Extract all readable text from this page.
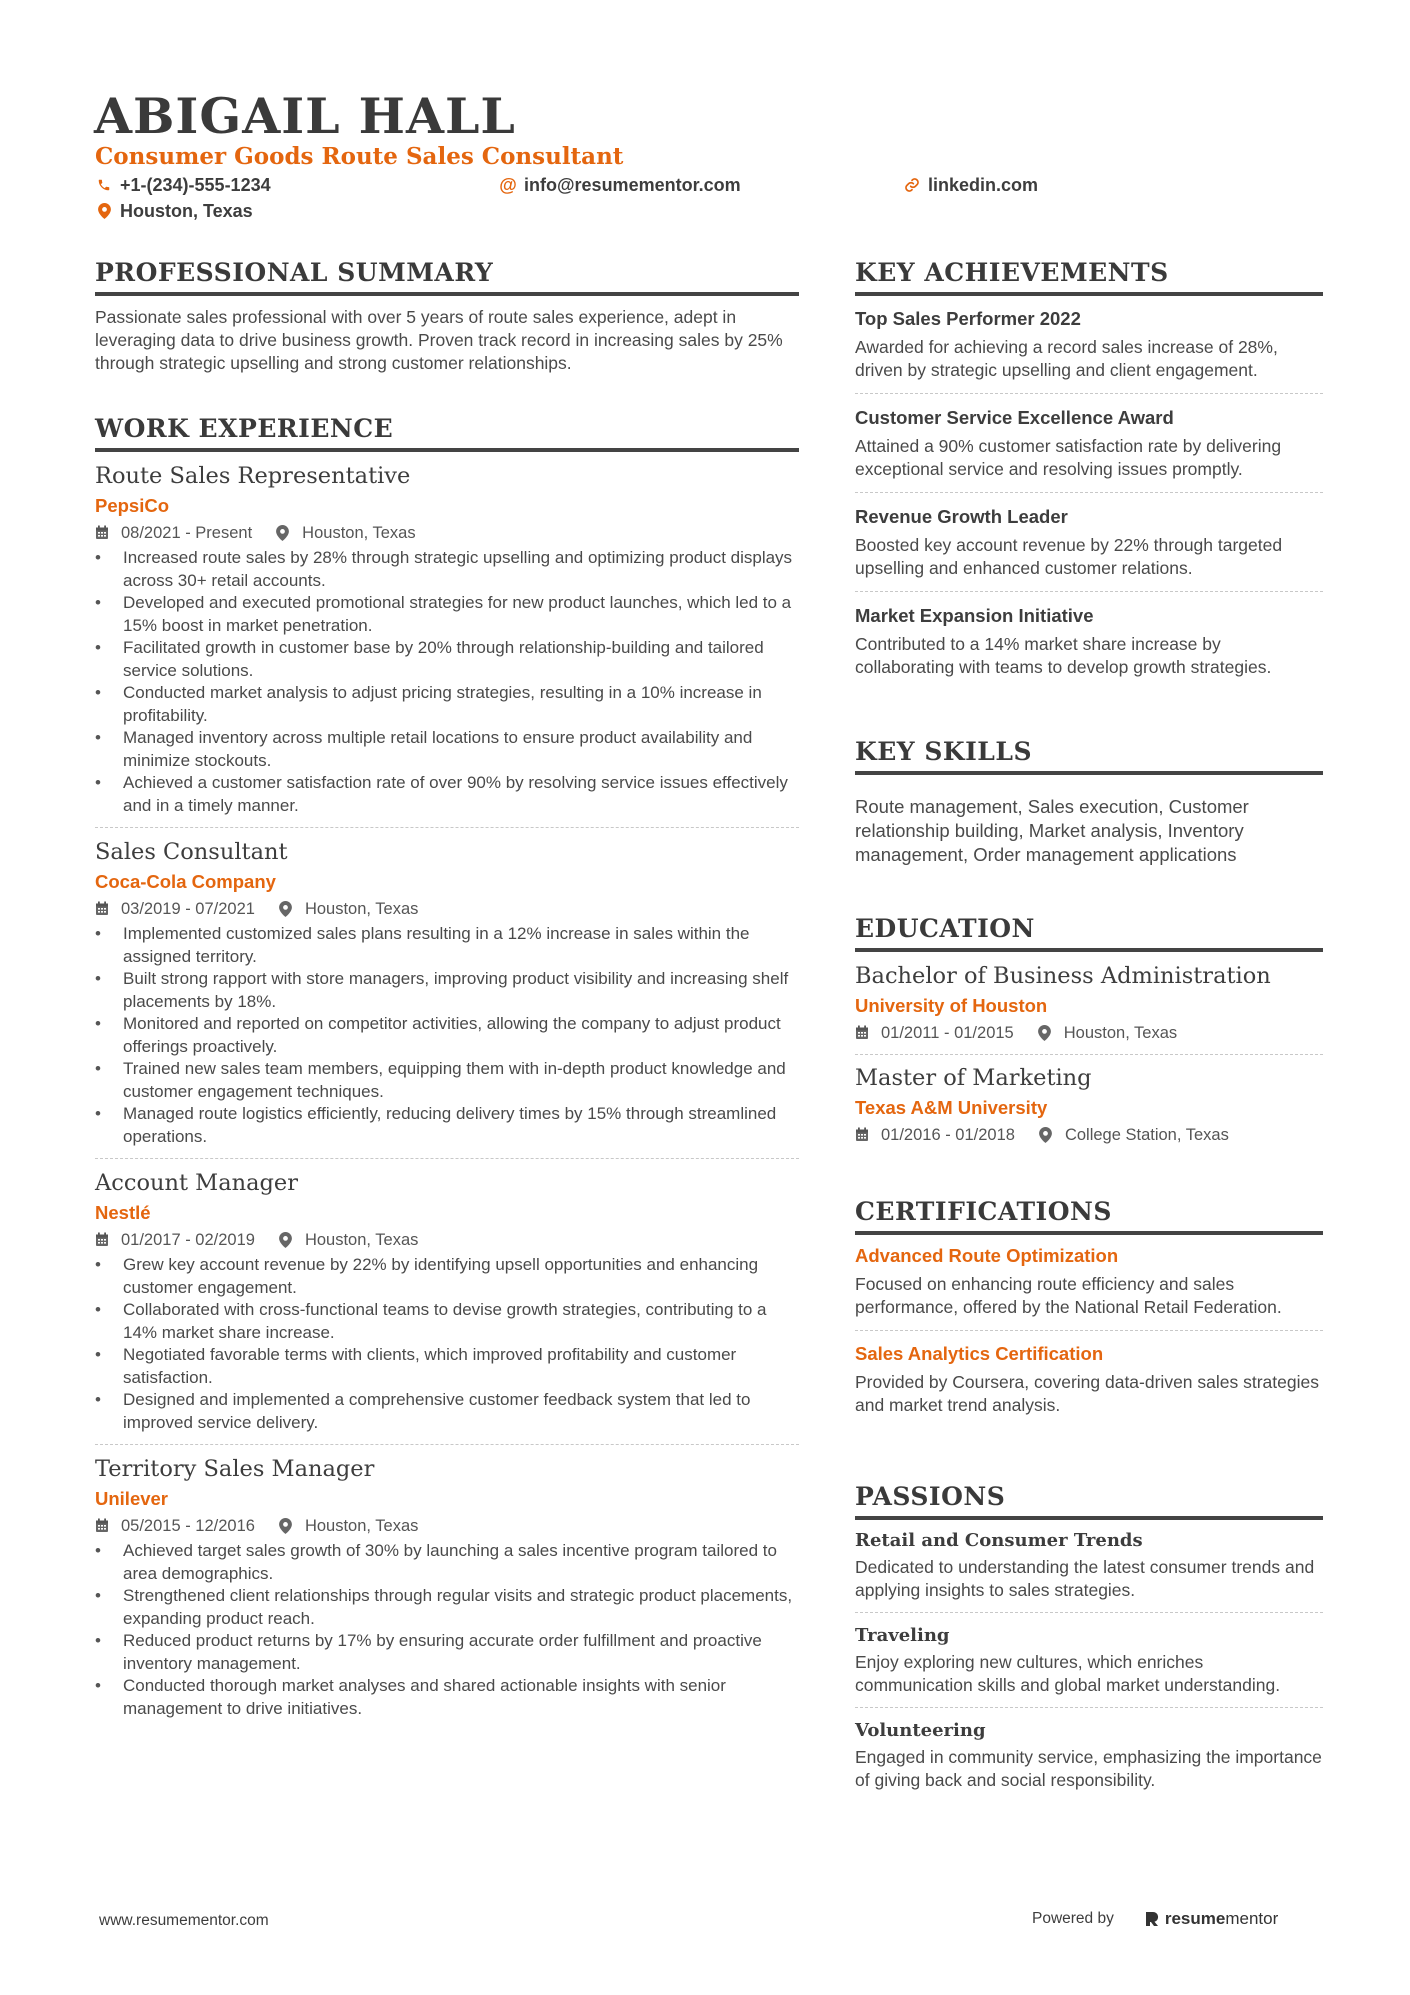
ABIGAIL HALL
Consumer Goods Route Sales Consultant
+1-(234)-555-1234	@ info@resumementor.com	linkedin.com
Houston, Texas
PROFESSIONAL SUMMARY
Passionate sales professional with over 5 years of route sales experience, adept in leveraging data to drive business growth. Proven track record in increasing sales by 25% through strategic upselling and strong customer relationships.
WORK EXPERIENCE
Route Sales Representative
PepsiCo
08/2021 - Present	Houston, Texas
• Increased route sales by 28% through strategic upselling and optimizing product displays across 30+ retail accounts.
• Developed and executed promotional strategies for new product launches, which led to a 15% boost in market penetration.
• Facilitated growth in customer base by 20% through relationship-building and tailored service solutions.
• Conducted market analysis to adjust pricing strategies, resulting in a 10% increase in profitability.
• Managed inventory across multiple retail locations to ensure product availability and minimize stockouts.
• Achieved a customer satisfaction rate of over 90% by resolving service issues effectively and in a timely manner.
Sales Consultant
Coca-Cola Company
03/2019 - 07/2021	Houston, Texas
• Implemented customized sales plans resulting in a 12% increase in sales within the assigned territory.
• Built strong rapport with store managers, improving product visibility and increasing shelf placements by 18%.
• Monitored and reported on competitor activities, allowing the company to adjust product offerings proactively.
• Trained new sales team members, equipping them with in-depth product knowledge and customer engagement techniques.
• Managed route logistics efficiently, reducing delivery times by 15% through streamlined operations.
Account Manager
Nestlé
01/2017 - 02/2019	Houston, Texas
• Grew key account revenue by 22% by identifying upsell opportunities and enhancing customer engagement.
• Collaborated with cross-functional teams to devise growth strategies, contributing to a 14% market share increase.
• Negotiated favorable terms with clients, which improved profitability and customer satisfaction.
• Designed and implemented a comprehensive customer feedback system that led to improved service delivery.
Territory Sales Manager
Unilever
05/2015 - 12/2016	Houston, Texas
• Achieved target sales growth of 30% by launching a sales incentive program tailored to area demographics.
• Strengthened client relationships through regular visits and strategic product placements, expanding product reach.
• Reduced product returns by 17% by ensuring accurate order fulfillment and proactive inventory management.
• Conducted thorough market analyses and shared actionable insights with senior management to drive initiatives.
KEY ACHIEVEMENTS
Top Sales Performer 2022
Awarded for achieving a record sales increase of 28%, driven by strategic upselling and client engagement.
Customer Service Excellence Award
Attained a 90% customer satisfaction rate by delivering exceptional service and resolving issues promptly.
Revenue Growth Leader
Boosted key account revenue by 22% through targeted upselling and enhanced customer relations.
Market Expansion Initiative
Contributed to a 14% market share increase by collaborating with teams to develop growth strategies.
KEY SKILLS
Route management, Sales execution, Customer relationship building, Market analysis, Inventory management, Order management applications
EDUCATION
Bachelor of Business Administration
University of Houston
01/2011 - 01/2015	Houston, Texas
Master of Marketing
Texas A&M University
01/2016 - 01/2018	College Station, Texas
CERTIFICATIONS
Advanced Route Optimization
Focused on enhancing route efficiency and sales performance, offered by the National Retail Federation.
Sales Analytics Certification
Provided by Coursera, covering data-driven sales strategies and market trend analysis.
PASSIONS
Retail and Consumer Trends
Dedicated to understanding the latest consumer trends and applying insights to sales strategies.
Traveling
Enjoy exploring new cultures, which enriches communication skills and global market understanding.
Volunteering
Engaged in community service, emphasizing the importance of giving back and social responsibility.
www.resumementor.com	Powered by	resume mentor
